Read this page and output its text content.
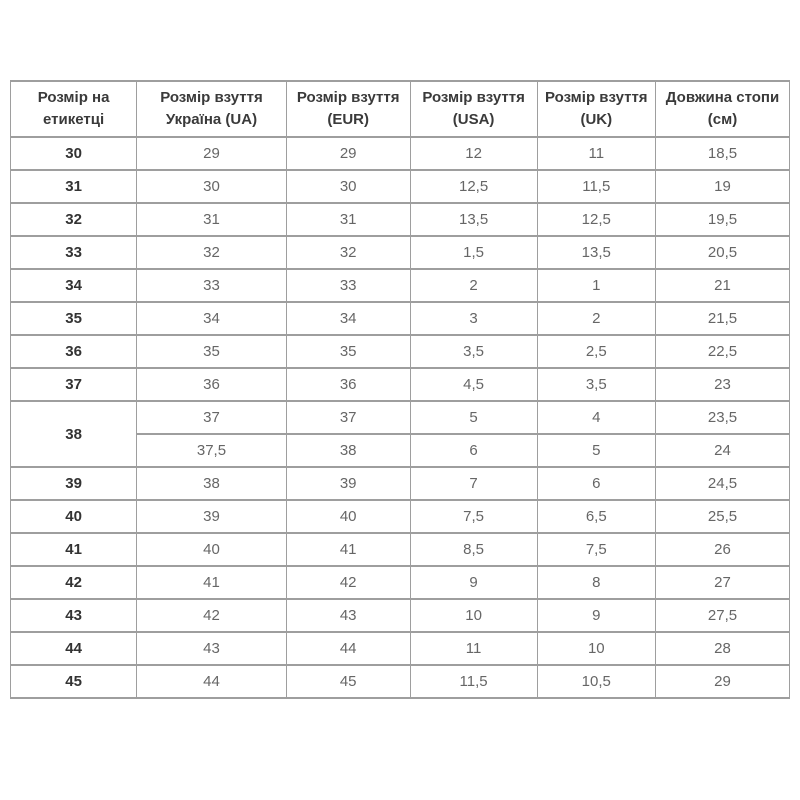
Розмір на етикетці	Розмір взуття Україна (UA)	Розмір взуття (EUR)	Розмір взуття (USA)	Розмір взуття (UK)	Довжина стопи (см)
30	29	29	12	11	18,5
31	30	30	12,5	11,5	19
32	31	31	13,5	12,5	19,5
33	32	32	1,5	13,5	20,5
34	33	33	2	1	21
35	34	34	3	2	21,5
36	35	35	3,5	2,5	22,5
37	36	36	4,5	3,5	23
38	37	37	5	4	23,5
	37,5	38	6	5	24
39	38	39	7	6	24,5
40	39	40	7,5	6,5	25,5
41	40	41	8,5	7,5	26
42	41	42	9	8	27
43	42	43	10	9	27,5
44	43	44	11	10	28
45	44	45	11,5	10,5	29
